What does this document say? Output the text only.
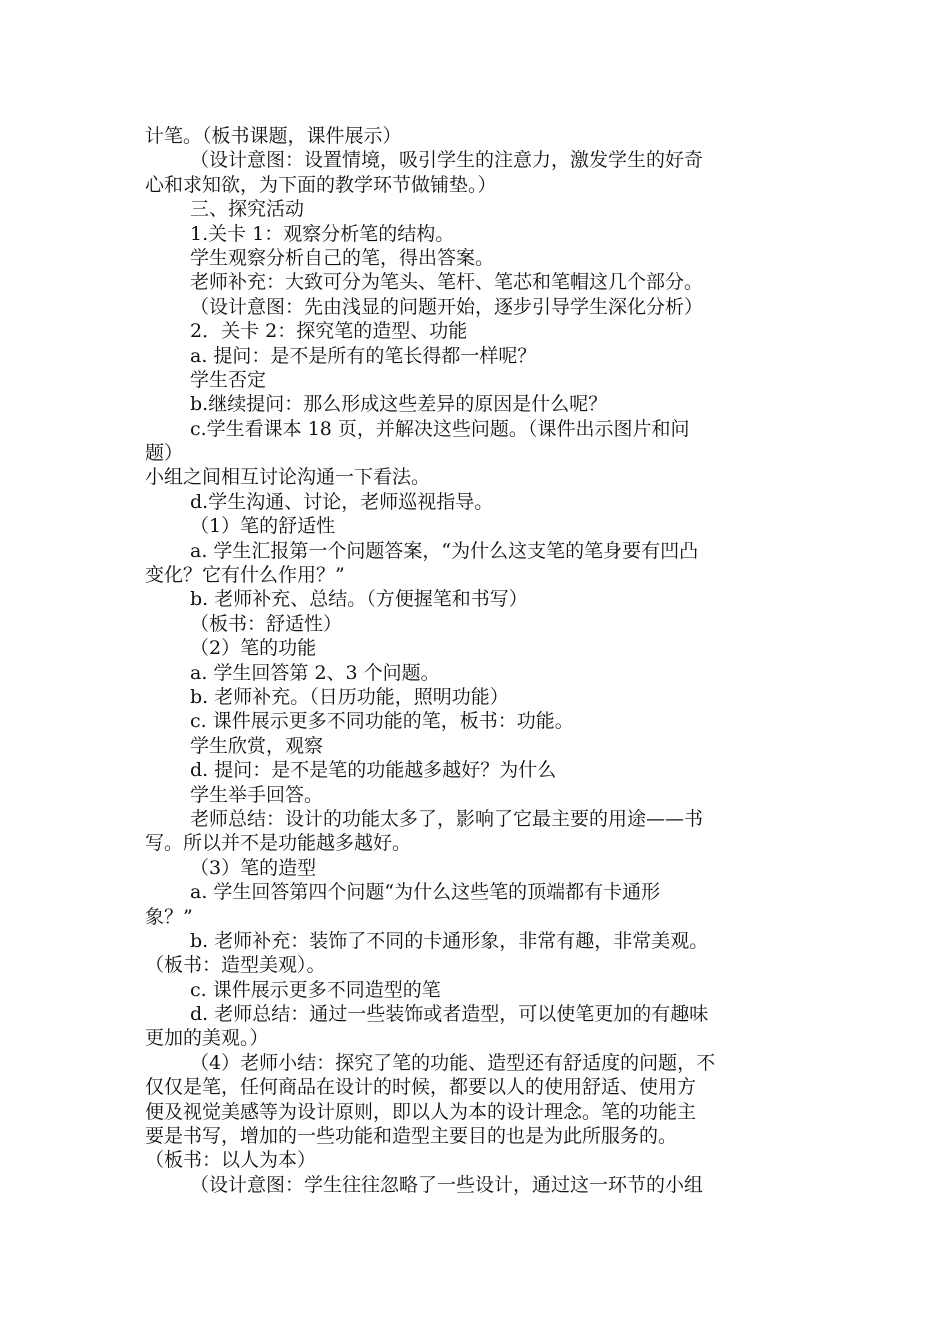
计笔。（板书课题，课件展示）
（设计意图：设置情境，吸引学生的注意力，激发学生的好奇
心和求知欲，为下面的教学环节做铺垫。）
三、探究活动
1.关卡 1：观察分析笔的结构。
学生观察分析自己的笔，得出答案。
老师补充：大致可分为笔头、笔杆、笔芯和笔帽这几个部分。
（设计意图：先由浅显的问题开始，逐步引导学生深化分析）
2．关卡 2：探究笔的造型、功能
a. 提问：是不是所有的笔长得都一样呢？
学生否定
b.继续提问：那么形成这些差异的原因是什么呢？
c.学生看课本 18 页，并解决这些问题。（课件出示图片和问
题）
小组之间相互讨论沟通一下看法。
d.学生沟通、讨论，老师巡视指导。
（1）笔的舒适性
a. 学生汇报第一个问题答案，“为什么这支笔的笔身要有凹凸
变化？它有什么作用？”
b. 老师补充、总结。（方便握笔和书写）
（板书：舒适性）
（2）笔的功能
a. 学生回答第 2、3 个问题。
b. 老师补充。（日历功能，照明功能）
c. 课件展示更多不同功能的笔，板书：功能。
学生欣赏，观察
d. 提问：是不是笔的功能越多越好？为什么
学生举手回答。
老师总结：设计的功能太多了，影响了它最主要的用途——书
写。所以并不是功能越多越好。
（3）笔的造型
a. 学生回答第四个问题“为什么这些笔的顶端都有卡通形
象？”
b. 老师补充：装饰了不同的卡通形象，非常有趣，非常美观。
（板书：造型美观）。
c. 课件展示更多不同造型的笔
d. 老师总结：通过一些装饰或者造型，可以使笔更加的有趣味
更加的美观。）
（4）老师小结：探究了笔的功能、造型还有舒适度的问题，不
仅仅是笔，任何商品在设计的时候，都要以人的使用舒适、使用方
便及视觉美感等为设计原则，即以人为本的设计理念。笔的功能主
要是书写，增加的一些功能和造型主要目的也是为此所服务的。
（板书：以人为本）
（设计意图：学生往往忽略了一些设计，通过这一环节的小组
